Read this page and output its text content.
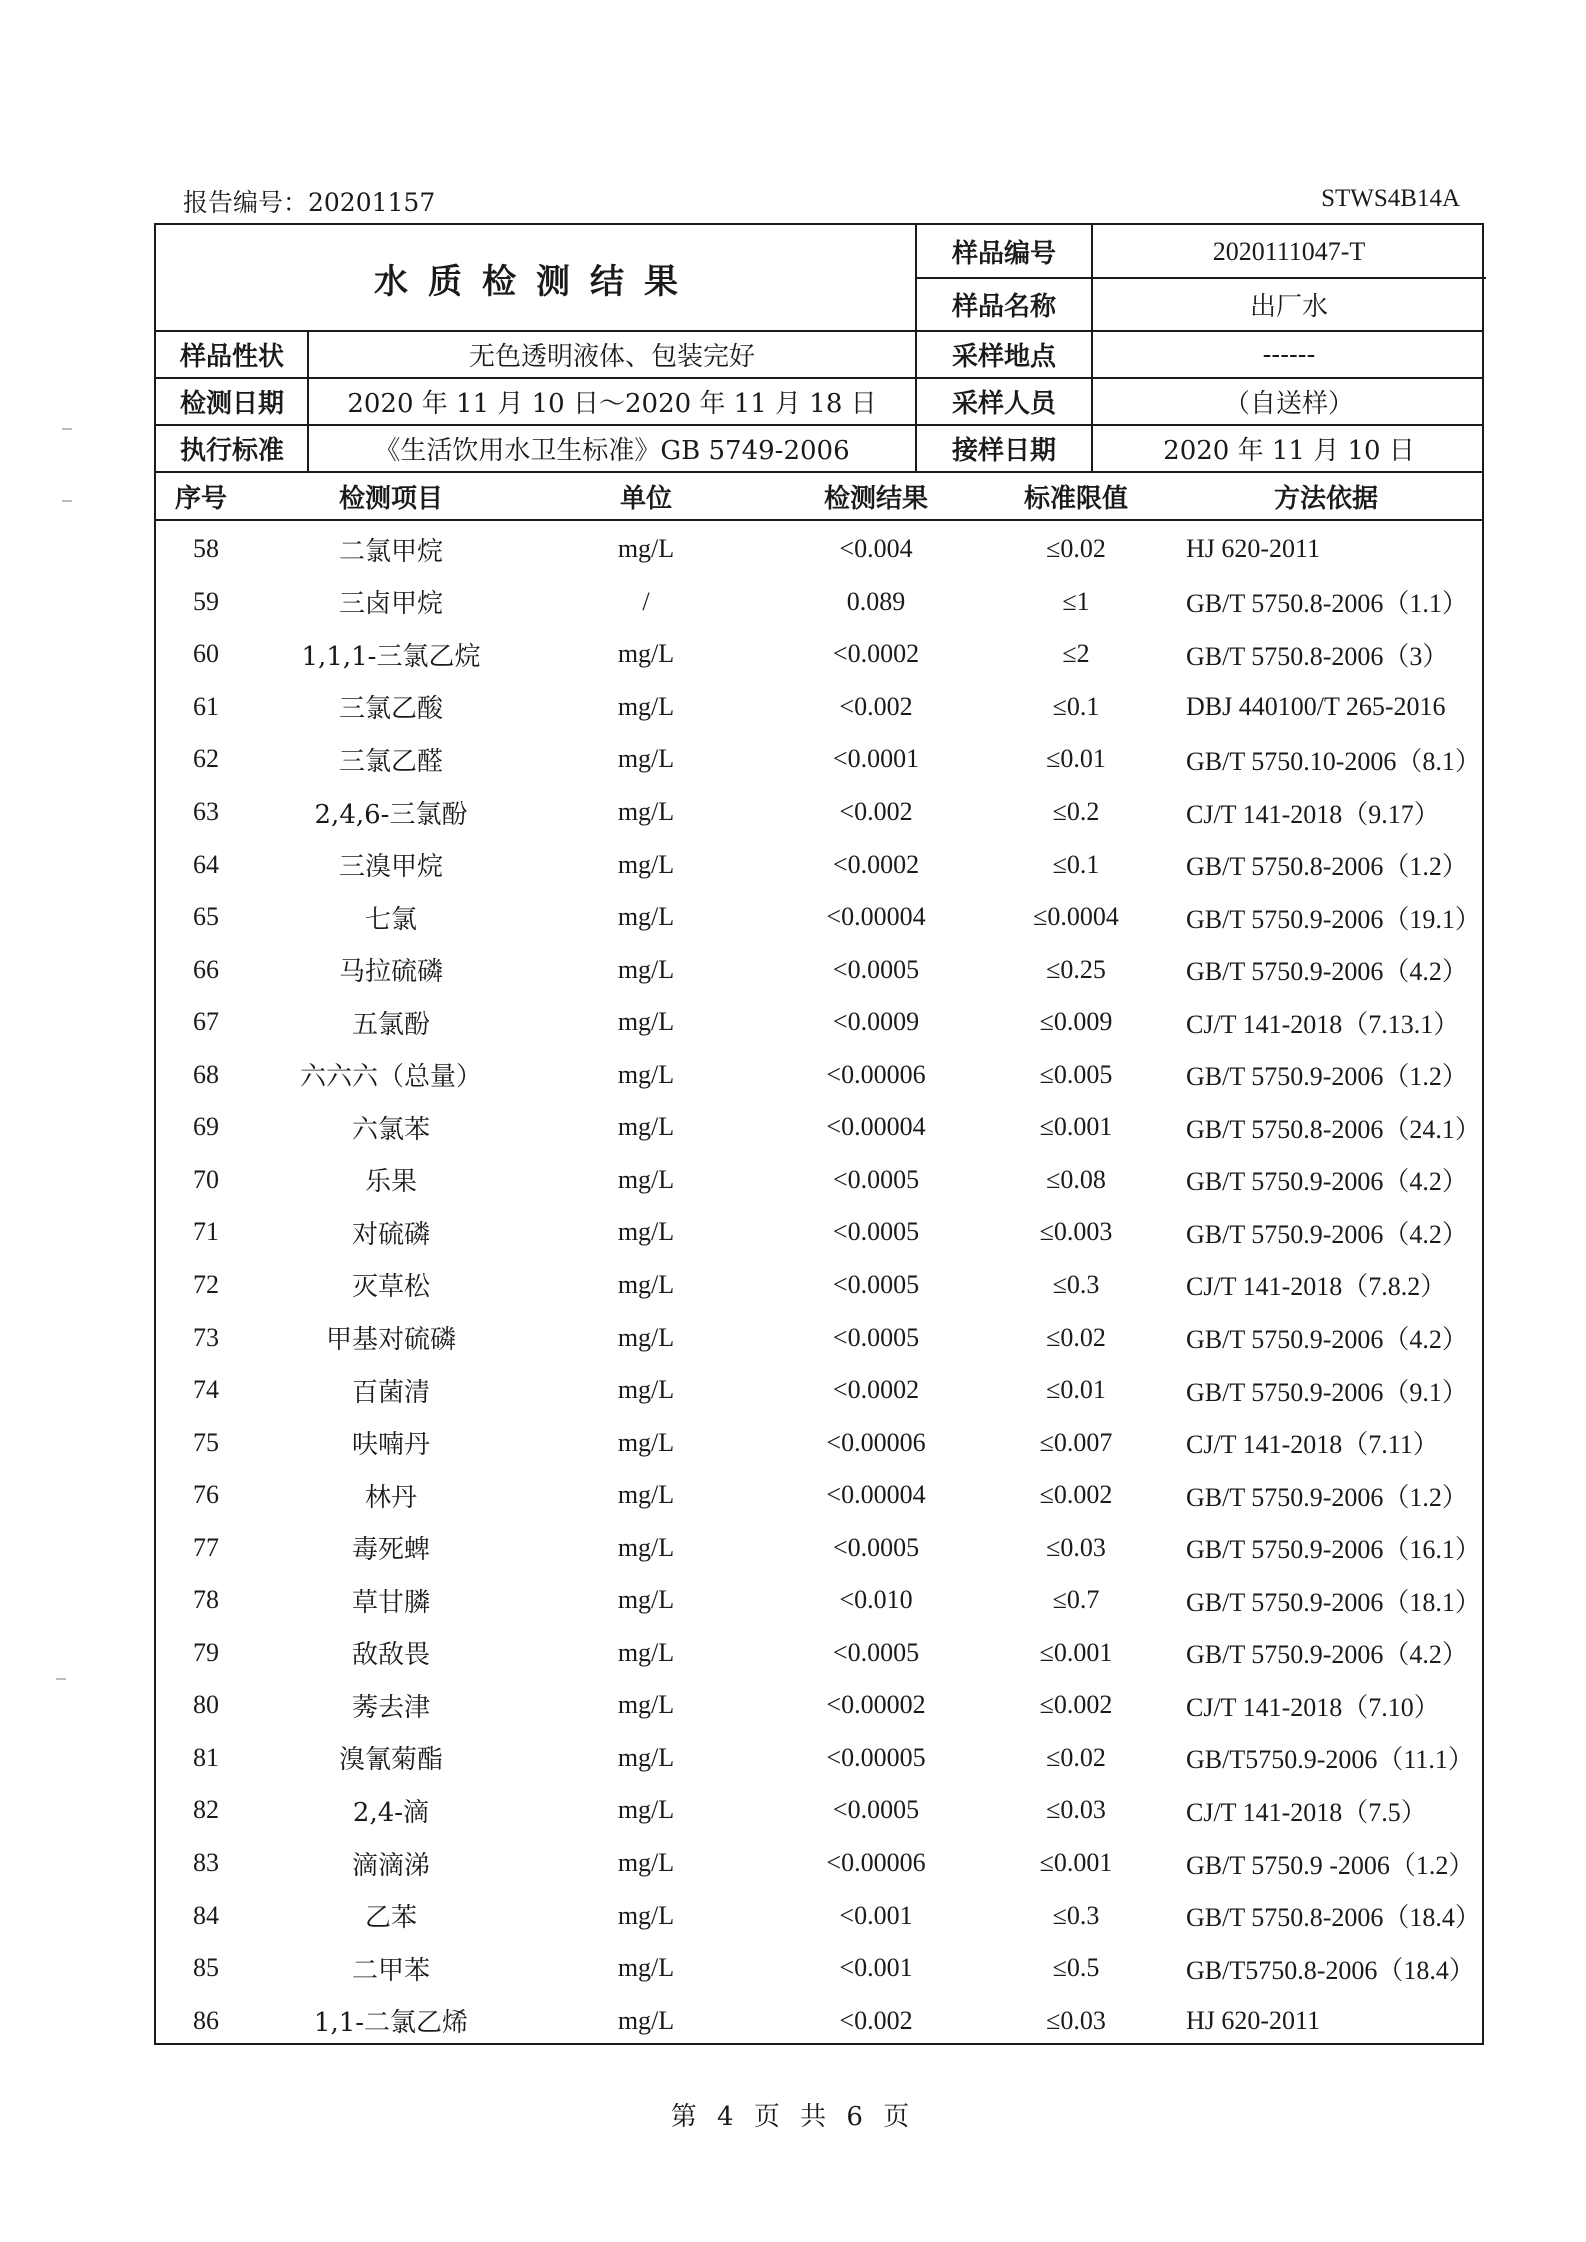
报告编号：20201157	STWS4B14A
水质检测结果
样品编号	2020111047-T
样品名称	出厂水
样品性状	无色透明液体、包装完好	采样地点	------
检测日期	2020 年 11 月 10 日～2020 年 11 月 18 日	采样人员	（自送样）
执行标准	《生活饮用水卫生标准》GB 5749-2006	接样日期	2020 年 11 月 10 日
序号	检测项目	单位	检测结果	标准限值	方法依据
58	二氯甲烷	mg/L	<0.004	≤0.02	HJ 620-2011
59	三卤甲烷	/	0.089	≤1	GB/T 5750.8-2006（1.1）
60	1,1,1-三氯乙烷	mg/L	<0.0002	≤2	GB/T 5750.8-2006（3）
61	三氯乙酸	mg/L	<0.002	≤0.1	DBJ 440100/T 265-2016
62	三氯乙醛	mg/L	<0.0001	≤0.01	GB/T 5750.10-2006（8.1）
63	2,4,6-三氯酚	mg/L	<0.002	≤0.2	CJ/T 141-2018（9.17）
64	三溴甲烷	mg/L	<0.0002	≤0.1	GB/T 5750.8-2006（1.2）
65	七氯	mg/L	<0.00004	≤0.0004	GB/T 5750.9-2006（19.1）
66	马拉硫磷	mg/L	<0.0005	≤0.25	GB/T 5750.9-2006（4.2）
67	五氯酚	mg/L	<0.0009	≤0.009	CJ/T 141-2018（7.13.1）
68	六六六（总量）	mg/L	<0.00006	≤0.005	GB/T 5750.9-2006（1.2）
69	六氯苯	mg/L	<0.00004	≤0.001	GB/T 5750.8-2006（24.1）
70	乐果	mg/L	<0.0005	≤0.08	GB/T 5750.9-2006（4.2）
71	对硫磷	mg/L	<0.0005	≤0.003	GB/T 5750.9-2006（4.2）
72	灭草松	mg/L	<0.0005	≤0.3	CJ/T 141-2018（7.8.2）
73	甲基对硫磷	mg/L	<0.0005	≤0.02	GB/T 5750.9-2006（4.2）
74	百菌清	mg/L	<0.0002	≤0.01	GB/T 5750.9-2006（9.1）
75	呋喃丹	mg/L	<0.00006	≤0.007	CJ/T 141-2018（7.11）
76	林丹	mg/L	<0.00004	≤0.002	GB/T 5750.9-2006（1.2）
77	毒死蜱	mg/L	<0.0005	≤0.03	GB/T 5750.9-2006（16.1）
78	草甘膦	mg/L	<0.010	≤0.7	GB/T 5750.9-2006（18.1）
79	敌敌畏	mg/L	<0.0005	≤0.001	GB/T 5750.9-2006（4.2）
80	莠去津	mg/L	<0.00002	≤0.002	CJ/T 141-2018（7.10）
81	溴氰菊酯	mg/L	<0.00005	≤0.02	GB/T5750.9-2006（11.1）
82	2,4-滴	mg/L	<0.0005	≤0.03	CJ/T 141-2018（7.5）
83	滴滴涕	mg/L	<0.00006	≤0.001	GB/T 5750.9 -2006（1.2）
84	乙苯	mg/L	<0.001	≤0.3	GB/T 5750.8-2006（18.4）
85	二甲苯	mg/L	<0.001	≤0.5	GB/T5750.8-2006（18.4）
86	1,1-二氯乙烯	mg/L	<0.002	≤0.03	HJ 620-2011
第 4 页 共 6 页
